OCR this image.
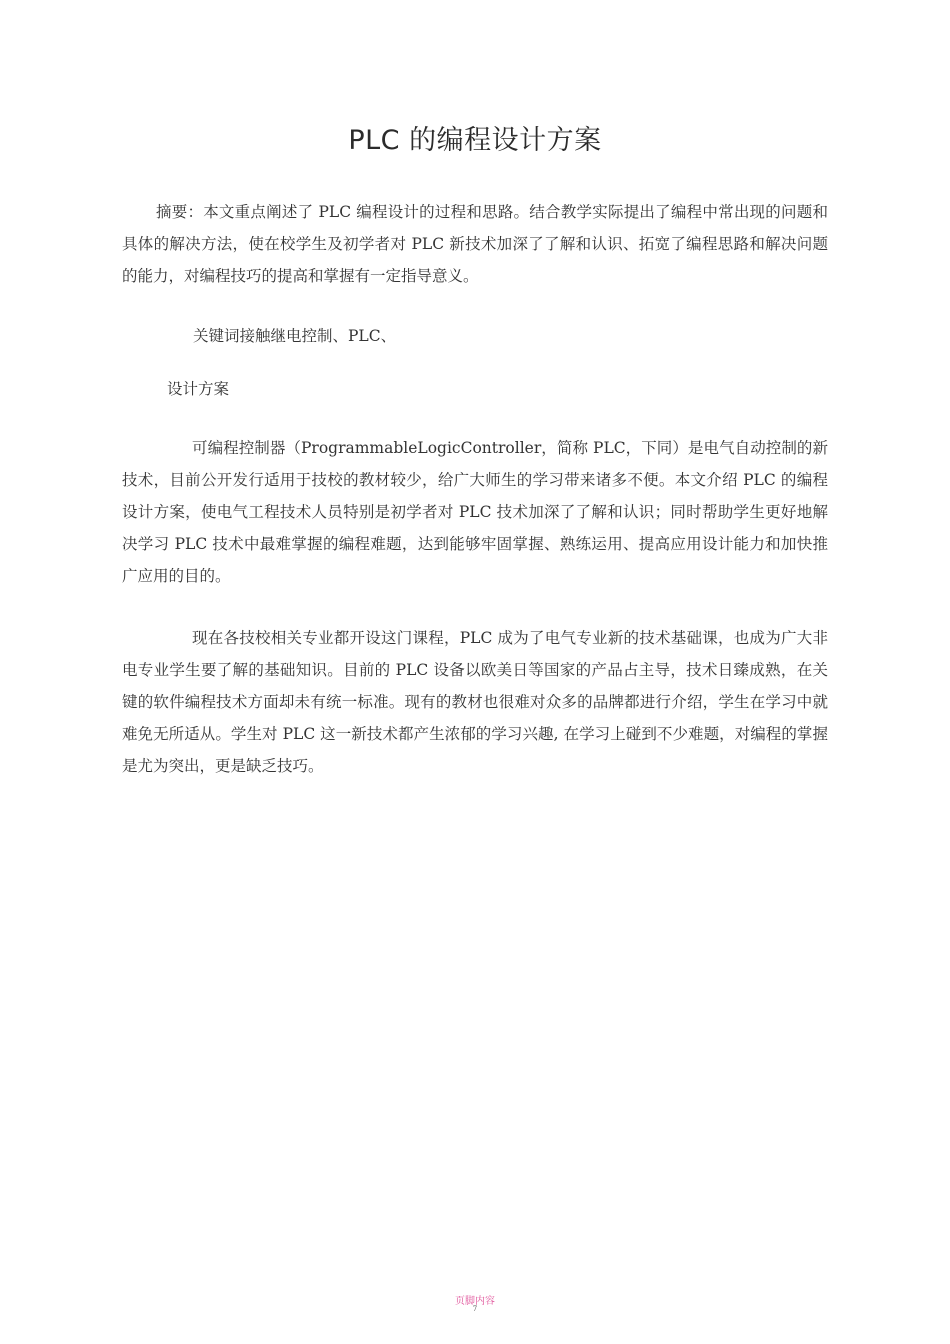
PLC 的编程设计方案

摘要：本文重点阐述了 PLC 编程设计的过程和思路。结合教学实际提出了编程中常出现的问题和具体的解决方法，使在校学生及初学者对 PLC 新技术加深了了解和认识、拓宽了编程思路和解决问题的能力，对编程技巧的提高和掌握有一定指导意义。

关键词接触继电控制、PLC、

设计方案

可编程控制器（ProgrammableLogicController，简称 PLC，下同）是电气自动控制的新技术，目前公开发行适用于技校的教材较少，给广大师生的学习带来诸多不便。本文介绍 PLC 的编程设计方案，使电气工程技术人员特别是初学者对 PLC 技术加深了了解和认识；同时帮助学生更好地解决学习 PLC 技术中最难掌握的编程难题，达到能够牢固掌握、熟练运用、提高应用设计能力和加快推广应用的目的。

现在各技校相关专业都开设这门课程，PLC 成为了电气专业新的技术基础课，也成为广大非电专业学生要了解的基础知识。目前的 PLC 设备以欧美日等国家的产品占主导，技术日臻成熟，在关键的软件编程技术方面却未有统一标准。现有的教材也很难对众多的品牌都进行介绍，学生在学习中就难免无所适从。学生对 PLC 这一新技术都产生浓郁的学习兴趣, 在学习上碰到不少难题，对编程的掌握是尤为突出，更是缺乏技巧。

页脚内容

7
